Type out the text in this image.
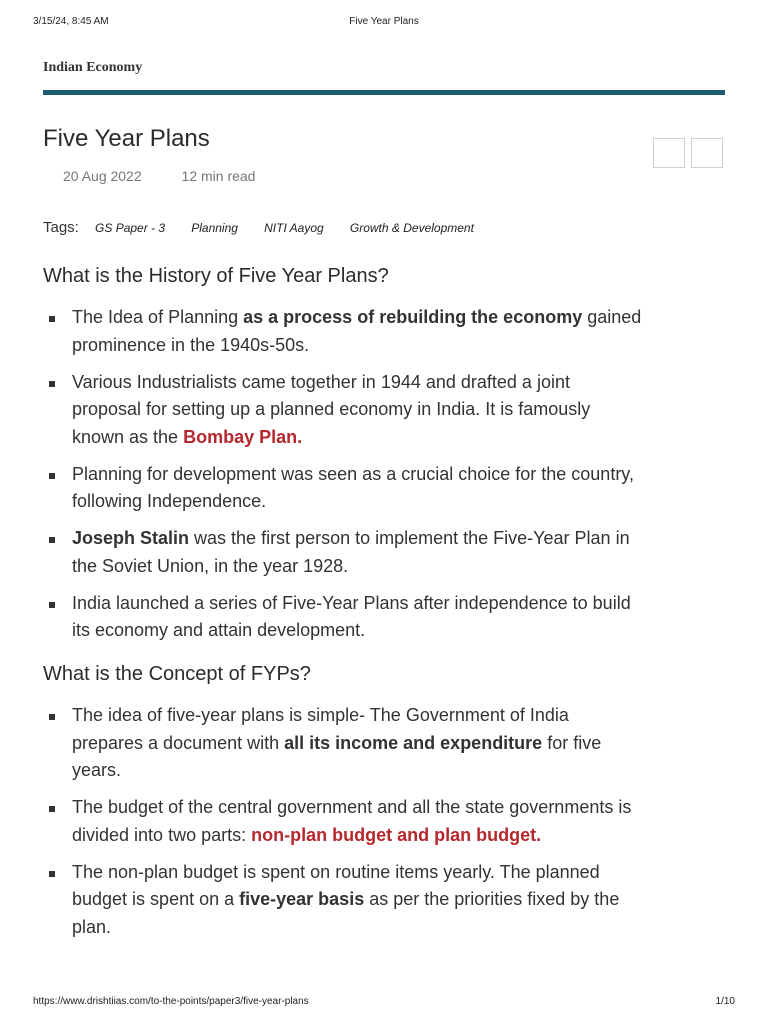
3/15/24, 8:45 AM	Five Year Plans
Indian Economy
Five Year Plans
20 Aug 2022	12 min read
Tags: GS Paper - 3 Planning NITI Aayog Growth & Development
What is the History of Five Year Plans?
The Idea of Planning as a process of rebuilding the economy gained prominence in the 1940s-50s.
Various Industrialists came together in 1944 and drafted a joint proposal for setting up a planned economy in India. It is famously known as the Bombay Plan.
Planning for development was seen as a crucial choice for the country, following Independence.
Joseph Stalin was the first person to implement the Five-Year Plan in the Soviet Union, in the year 1928.
India launched a series of Five-Year Plans after independence to build its economy and attain development.
What is the Concept of FYPs?
The idea of five-year plans is simple- The Government of India prepares a document with all its income and expenditure for five years.
The budget of the central government and all the state governments is divided into two parts: non-plan budget and plan budget.
The non-plan budget is spent on routine items yearly. The planned budget is spent on a five-year basis as per the priorities fixed by the plan.
https://www.drishtiias.com/to-the-points/paper3/five-year-plans	1/10
